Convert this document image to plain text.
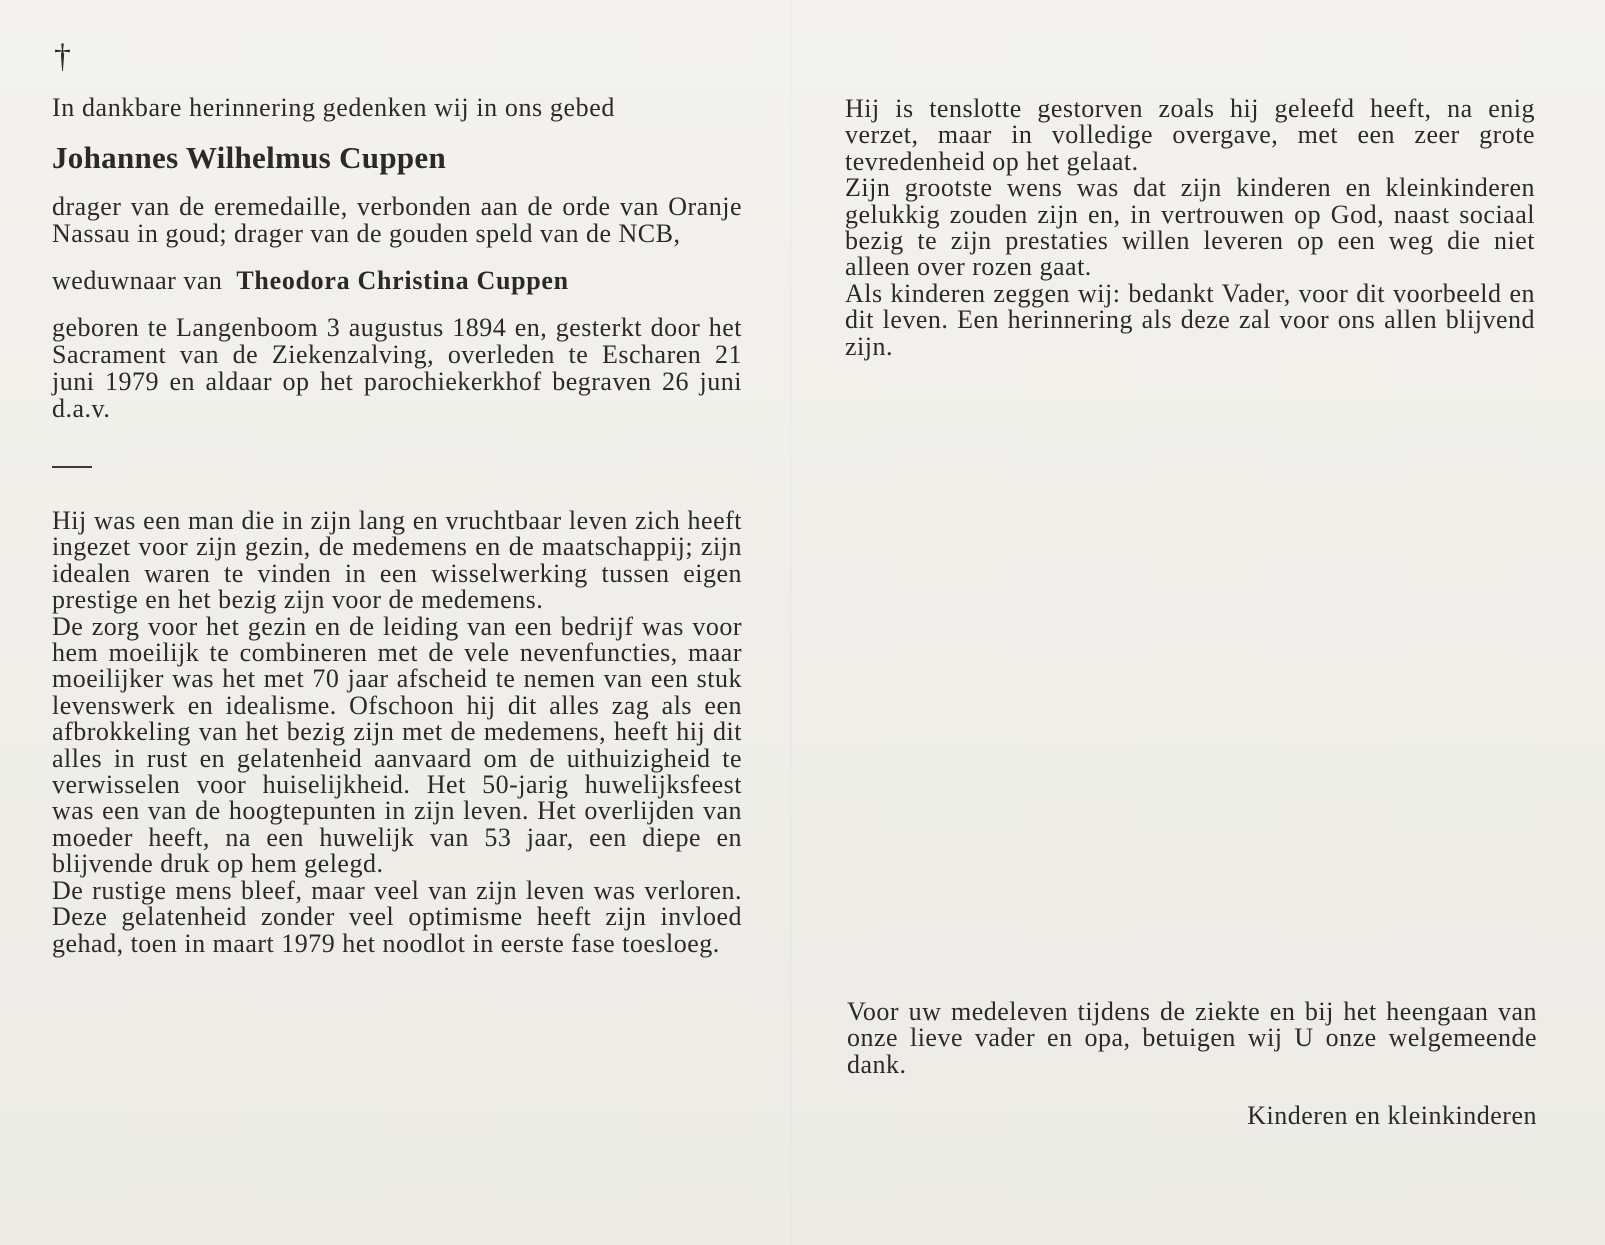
†

In dankbare herinnering gedenken wij in ons gebed

Johannes Wilhelmus Cuppen

drager van de eremedaille, verbonden aan de orde van Oranje Nassau in goud; drager van de gouden speld van de NCB,

weduwnaar van Theodora Christina Cuppen

geboren te Langenboom 3 augustus 1894 en, gesterkt door het Sacrament van de Ziekenzalving, overleden te Escharen 21 juni 1979 en aldaar op het parochiekerkhof begraven 26 juni d.a.v.

Hij was een man die in zijn lang en vruchtbaar leven zich heeft ingezet voor zijn gezin, de medemens en de maatschappij; zijn idealen waren te vinden in een wisselwerking tussen eigen prestige en het bezig zijn voor de medemens.

De zorg voor het gezin en de leiding van een bedrijf was voor hem moeilijk te combineren met de vele nevenfuncties, maar moeilijker was het met 70 jaar afscheid te nemen van een stuk levenswerk en idealisme. Ofschoon hij dit alles zag als een afbrokkeling van het bezig zijn met de medemens, heeft hij dit alles in rust en gelatenheid aanvaard om de uithuizigheid te verwisselen voor huiselijkheid. Het 50-jarig huwelijksfeest was een van de hoogtepunten in zijn leven. Het overlijden van moeder heeft, na een huwelijk van 53 jaar, een diepe en blijvende druk op hem gelegd.

De rustige mens bleef, maar veel van zijn leven was verloren. Deze gelatenheid zonder veel optimisme heeft zijn invloed gehad, toen in maart 1979 het noodlot in eerste fase toesloeg.

Hij is tenslotte gestorven zoals hij geleefd heeft, na enig verzet, maar in volledige overgave, met een zeer grote tevredenheid op het gelaat.

Zijn grootste wens was dat zijn kinderen en kleinkinderen gelukkig zouden zijn en, in vertrouwen op God, naast sociaal bezig te zijn prestaties willen leveren op een weg die niet alleen over rozen gaat.

Als kinderen zeggen wij: bedankt Vader, voor dit voorbeeld en dit leven. Een herinnering als deze zal voor ons allen blijvend zijn.

Voor uw medeleven tijdens de ziekte en bij het heengaan van onze lieve vader en opa, betuigen wij U onze welgemeende dank.

Kinderen en kleinkinderen
